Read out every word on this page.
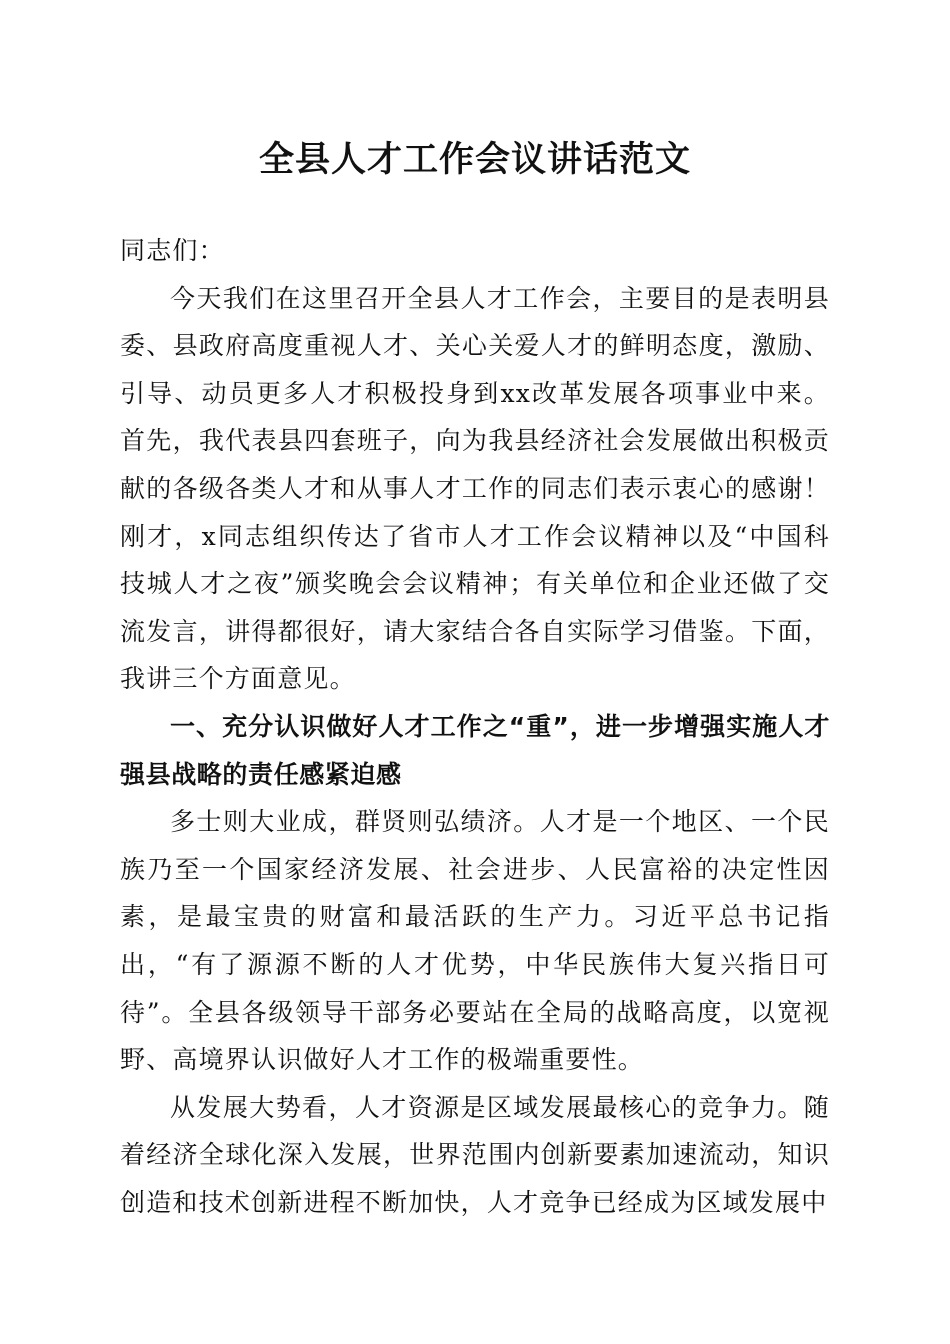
全县人才工作会议讲话范文

同志们：

今天我们在这里召开全县人才工作会，主要目的是表明县委、县政府高度重视人才、关心关爱人才的鲜明态度，激励、引导、动员更多人才积极投身到xx改革发展各项事业中来。首先，我代表县四套班子，向为我县经济社会发展做出积极贡献的各级各类人才和从事人才工作的同志们表示衷心的感谢！刚才，x同志组织传达了省市人才工作会议精神以及“中国科技城人才之夜”颁奖晚会会议精神；有关单位和企业还做了交流发言，讲得都很好，请大家结合各自实际学习借鉴。下面，我讲三个方面意见。

一、充分认识做好人才工作之“重”，进一步增强实施人才强县战略的责任感紧迫感

多士则大业成，群贤则弘绩济。人才是一个地区、一个民族乃至一个国家经济发展、社会进步、人民富裕的决定性因素，是最宝贵的财富和最活跃的生产力。习近平总书记指出，“有了源源不断的人才优势，中华民族伟大复兴指日可待”。全县各级领导干部务必要站在全局的战略高度，以宽视野、高境界认识做好人才工作的极端重要性。

从发展大势看，人才资源是区域发展最核心的竞争力。随着经济全球化深入发展，世界范围内创新要素加速流动，知识创造和技术创新进程不断加快，人才竞争已经成为区域发展中
